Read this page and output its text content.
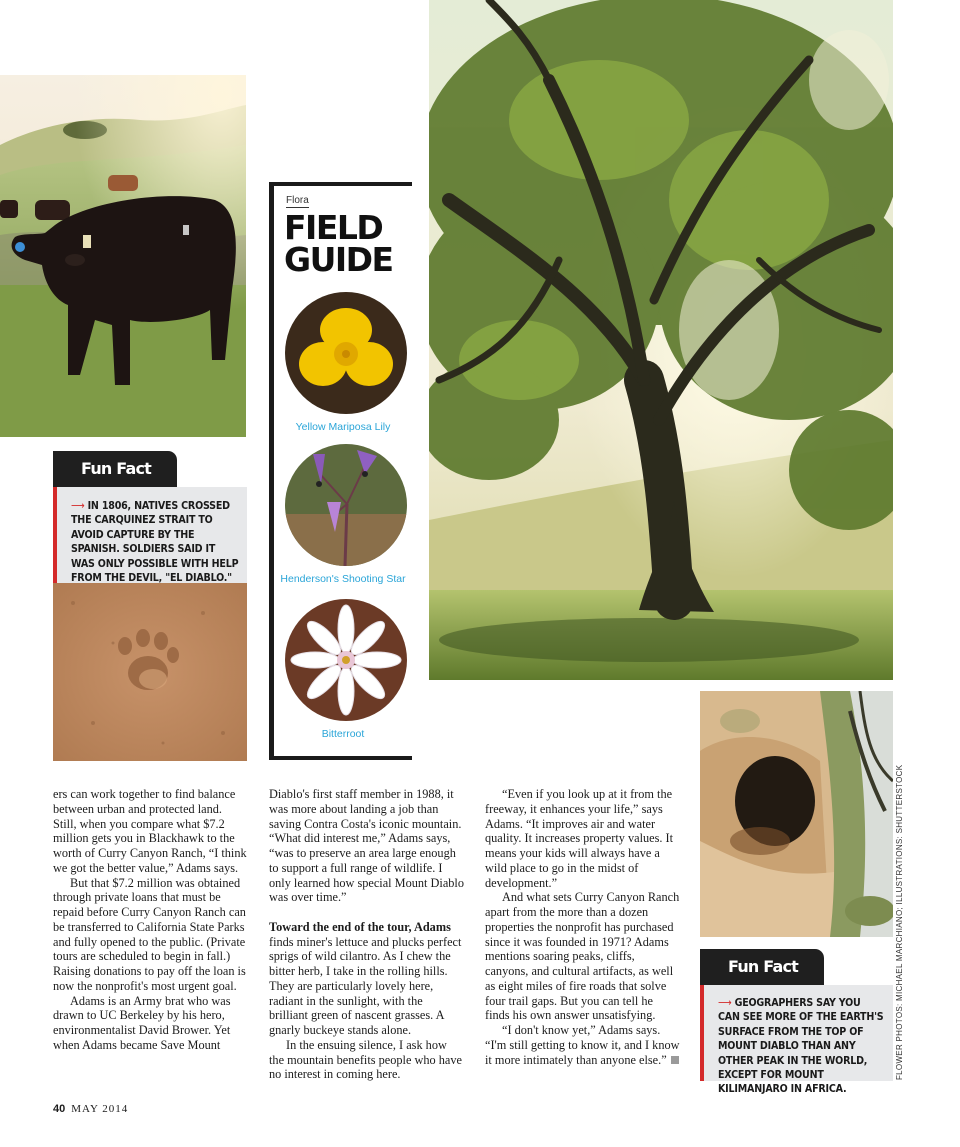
Flora
FIELD GUIDE
Yellow Mariposa Lily
Henderson's Shooting Star
Bitterroot
Fun Fact
⟶ IN 1806, NATIVES CROSSED THE CARQUINEZ STRAIT TO AVOID CAPTURE BY THE SPANISH. SOLDIERS SAID IT WAS ONLY POSSIBLE WITH HELP FROM THE DEVIL, "EL DIABLO."
Fun Fact
⟶ GEOGRAPHERS SAY YOU CAN SEE MORE OF THE EARTH'S SURFACE FROM THE TOP OF MOUNT DIABLO THAN ANY OTHER PEAK IN THE WORLD, EXCEPT FOR MOUNT KILIMANJARO IN AFRICA.

ers can work together to find balance between urban and protected land. Still, when you compare what $7.2 million gets you in Blackhawk to the worth of Curry Canyon Ranch, “I think we got the better value,” Adams says.

But that $7.2 million was obtained through private loans that must be repaid before Curry Canyon Ranch can be transferred to California State Parks and fully opened to the public. (Private tours are scheduled to begin in fall.) Raising donations to pay off the loan is now the nonprofit's most urgent goal.

Adams is an Army brat who was drawn to UC Berkeley by his hero, environmentalist David Brower. Yet when Adams became Save Mount

Diablo's first staff member in 1988, it was more about landing a job than saving Contra Costa's iconic mountain. “What did interest me,” Adams says, “was to preserve an area large enough to support a full range of wildlife. I only learned how special Mount Diablo was over time.”

Toward the end of the tour, Adams finds miner's lettuce and plucks perfect sprigs of wild cilantro. As I chew the bitter herb, I take in the rolling hills. They are particularly lovely here, radiant in the sunlight, with the brilliant green of nascent grasses. A gnarly buckeye stands alone.

In the ensuing silence, I ask how the mountain benefits people who have no interest in coming here.

“Even if you look up at it from the freeway, it enhances your life,” says Adams. “It improves air and water quality. It increases property values. It means your kids will always have a wild place to go in the midst of development.”

And what sets Curry Canyon Ranch apart from the more than a dozen properties the nonprofit has purchased since it was founded in 1971? Adams mentions soaring peaks, cliffs, canyons, and cultural artifacts, as well as eight miles of fire roads that solve four trail gaps. But you can tell he finds his own answer unsatisfying.

“I don't know yet,” Adams says. “I'm still getting to know it, and I know it more intimately than anyone else.”

40 MAY 2014
FLOWER PHOTOS: MICHAEL MARCHIANO; ILLUSTRATIONS: SHUTTERSTOCK
